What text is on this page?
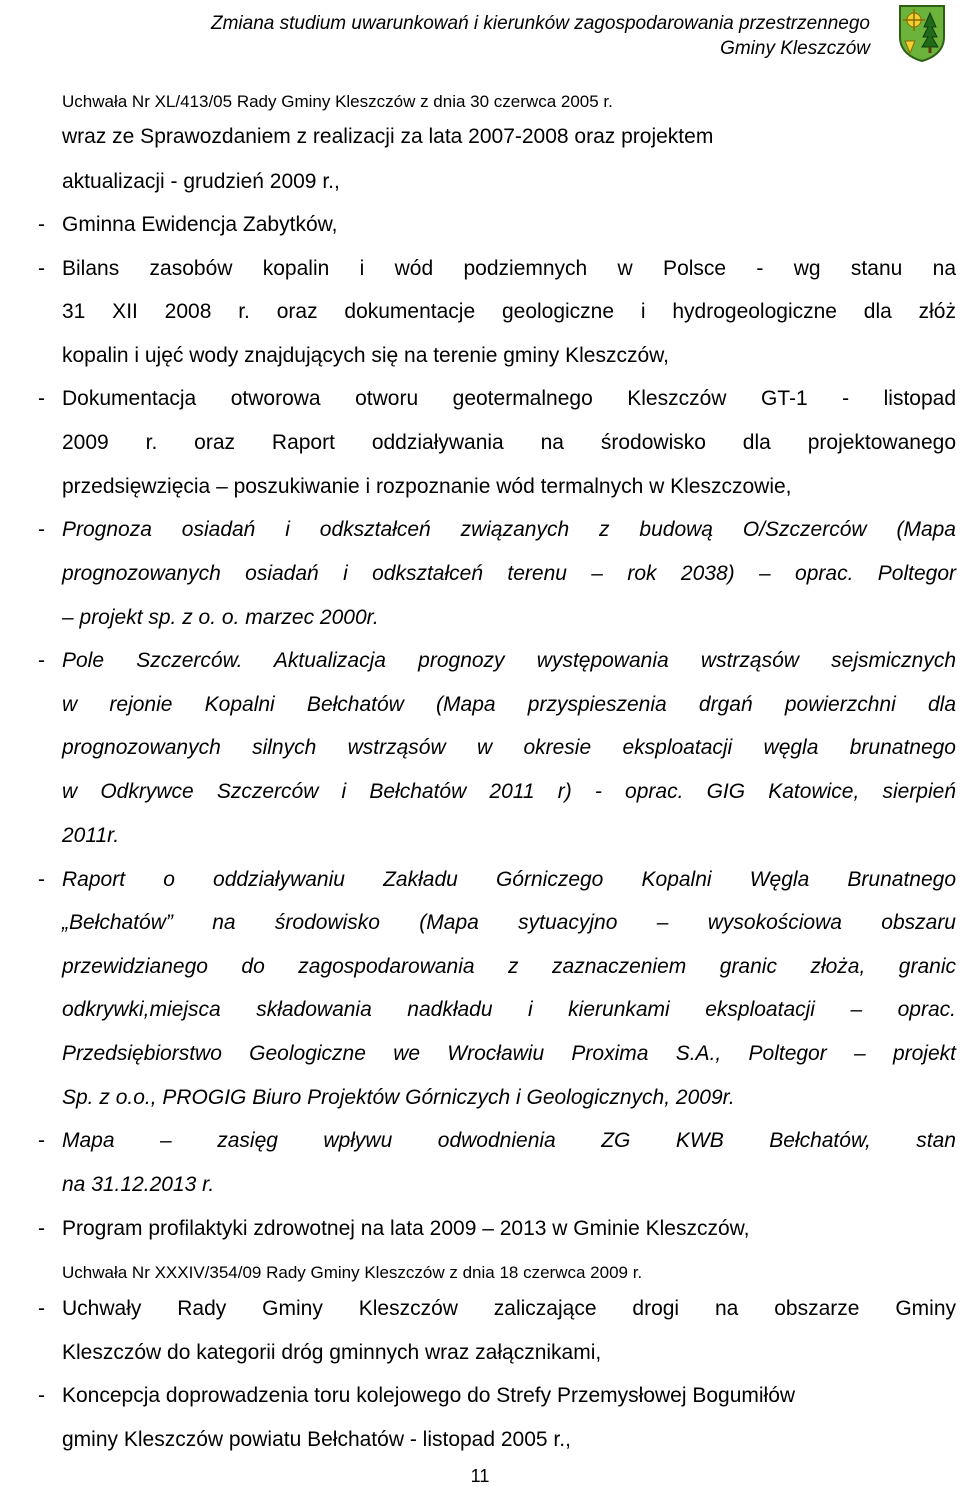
Zmiana studium uwarunkowań i kierunków zagospodarowania przestrzennego
Gminy Kleszczów
Uchwała Nr XL/413/05 Rady Gminy Kleszczów z dnia 30 czerwca 2005 r.
wraz ze Sprawozdaniem z realizacji za lata 2007-2008 oraz projektem
aktualizacji - grudzień 2009 r.,
- Gminna Ewidencja Zabytków,
- Bilans zasobów kopalin i wód podziemnych w Polsce - wg stanu na
31 XII 2008 r. oraz dokumentacje geologiczne i hydrogeologiczne dla złóż
kopalin i ujęć wody znajdujących się na terenie gminy Kleszczów,
- Dokumentacja otworowa otworu geotermalnego Kleszczów GT-1 - listopad
2009 r. oraz Raport oddziaływania na środowisko dla projektowanego
przedsięwzięcia – poszukiwanie i rozpoznanie wód termalnych w Kleszczowie,
- Prognoza osiadań i odkształceń związanych z budową O/Szczerców (Mapa
prognozowanych osiadań i odkształceń terenu – rok 2038) – oprac. Poltegor
– projekt sp. z o. o. marzec 2000r.
- Pole Szczerców. Aktualizacja prognozy występowania wstrząsów sejsmicznych
w rejonie Kopalni Bełchatów (Mapa przyspieszenia drgań powierzchni dla
prognozowanych silnych wstrząsów w okresie eksploatacji węgla brunatnego
w Odkrywce Szczerców i Bełchatów 2011 r) - oprac. GIG Katowice, sierpień
2011r.
- Raport o oddziaływaniu Zakładu Górniczego Kopalni Węgla Brunatnego
„Bełchatów” na środowisko (Mapa sytuacyjno – wysokościowa obszaru
przewidzianego do zagospodarowania z zaznaczeniem granic złoża, granic
odkrywki,miejsca składowania nadkładu i kierunkami eksploatacji – oprac.
Przedsiębiorstwo Geologiczne we Wrocławiu Proxima S.A., Poltegor – projekt
Sp. z o.o., PROGIG Biuro Projektów Górniczych i Geologicznych, 2009r.
- Mapa – zasięg wpływu odwodnienia ZG KWB Bełchatów, stan
na 31.12.2013 r.
- Program profilaktyki zdrowotnej na lata 2009 – 2013 w Gminie Kleszczów,
Uchwała Nr XXXIV/354/09 Rady Gminy Kleszczów z dnia 18 czerwca 2009 r.
- Uchwały Rady Gminy Kleszczów zaliczające drogi na obszarze Gminy
Kleszczów do kategorii dróg gminnych wraz załącznikami,
- Koncepcja doprowadzenia toru kolejowego do Strefy Przemysłowej Bogumiłów
gminy Kleszczów powiatu Bełchatów - listopad 2005 r.,
11
